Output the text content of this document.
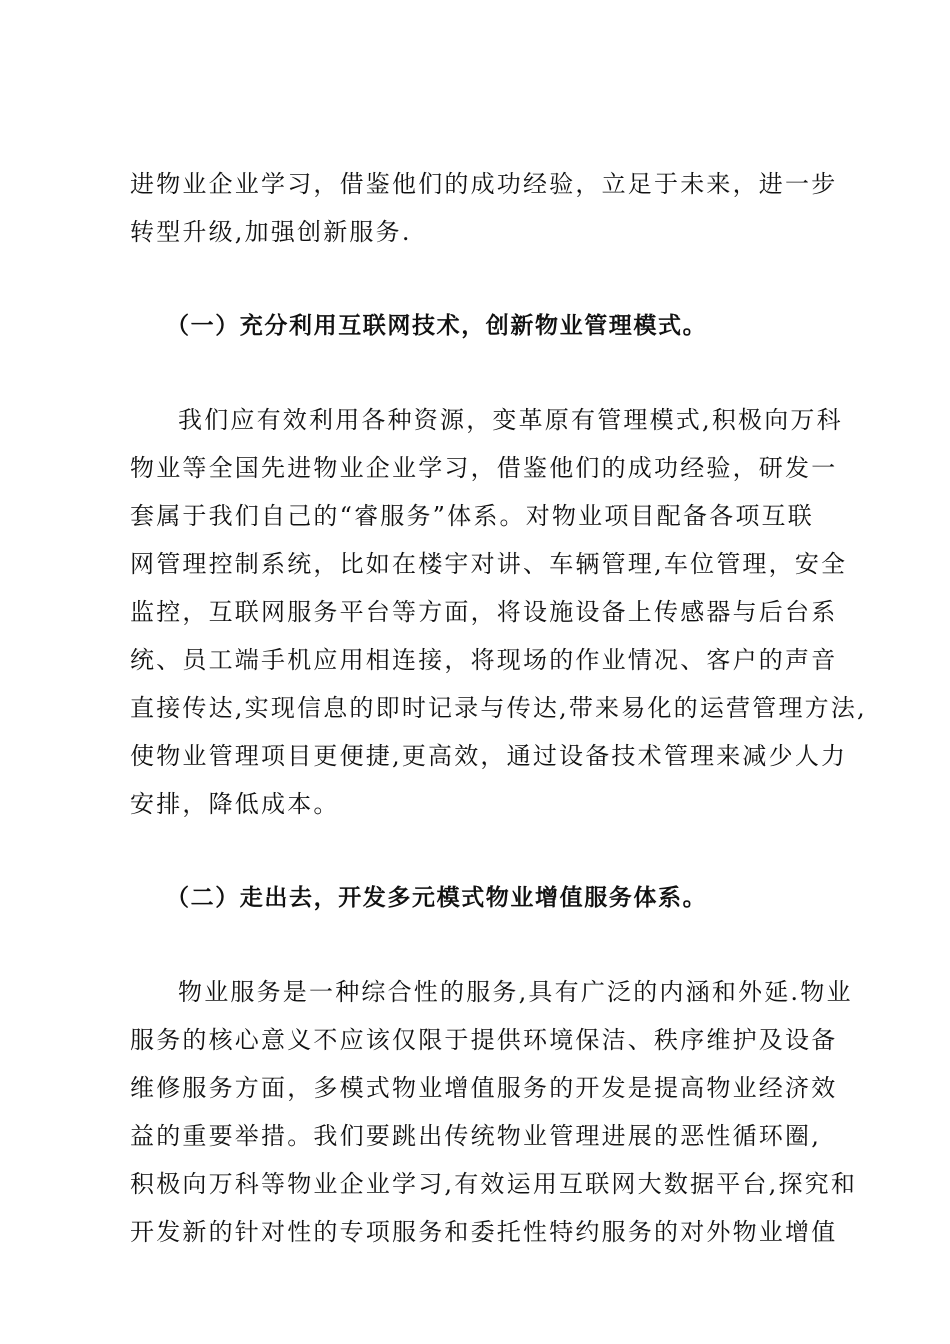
进物业企业学习，借鉴他们的成功经验，立足于未来，进一步
转型升级,加强创新服务.
（一）充分利用互联网技术，创新物业管理模式。
我们应有效利用各种资源，变革原有管理模式,积极向万科
物业等全国先进物业企业学习，借鉴他们的成功经验，研发一
套属于我们自己的“睿服务”体系。对物业项目配备各项互联
网管理控制系统，比如在楼宇对讲、车辆管理,车位管理，安全
监控，互联网服务平台等方面，将设施设备上传感器与后台系
统、员工端手机应用相连接，将现场的作业情况、客户的声音
直接传达,实现信息的即时记录与传达,带来易化的运营管理方法,
使物业管理项目更便捷,更高效，通过设备技术管理来减少人力
安排，降低成本。
（二）走出去，开发多元模式物业增值服务体系。
物业服务是一种综合性的服务,具有广泛的内涵和外延.物业
服务的核心意义不应该仅限于提供环境保洁、秩序维护及设备
维修服务方面，多模式物业增值服务的开发是提高物业经济效
益的重要举措。我们要跳出传统物业管理进展的恶性循环圈,
积极向万科等物业企业学习,有效运用互联网大数据平台,探究和
开发新的针对性的专项服务和委托性特约服务的对外物业增值
